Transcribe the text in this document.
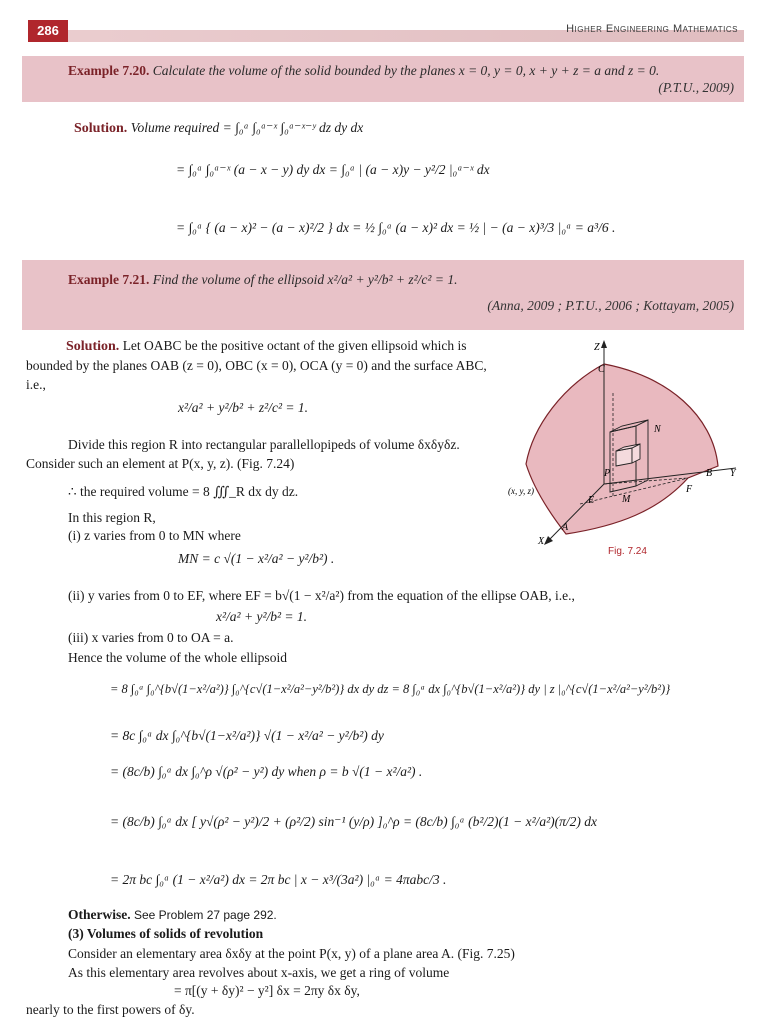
286	Higher Engineering Mathematics
Example 7.20. Calculate the volume of the solid bounded by the planes x = 0, y = 0, x + y + z = a and z = 0.
(P.T.U., 2009)
Solution. Volume required = ∫₀ᵃ ∫₀ᵃ⁻ˣ ∫₀ᵃ⁻ˣ⁻ʸ dz dy dx
= ∫₀ᵃ ∫₀ᵃ⁻ˣ (a − x − y) dy dx = ∫₀ᵃ | (a − x)y − y²/2 |₀ᵃ⁻ˣ dx
= ∫₀ᵃ { (a − x)² − (a − x)²/2 } dx = ½ ∫₀ᵃ (a − x)² dx = ½ | − (a − x)³/3 |₀ᵃ = a³/6 .
Example 7.21. Find the volume of the ellipsoid x²/a² + y²/b² + z²/c² = 1.
(Anna, 2009 ; P.T.U., 2006 ; Kottayam, 2005)
Solution. Let OABC be the positive octant of the given ellipsoid which is bounded by the planes OAB (z = 0), OBC (x = 0), OCA (y = 0) and the surface ABC, i.e.,
x²/a² + y²/b² + z²/c² = 1.
Divide this region R into rectangular parallellopipeds of volume δxδyδz. Consider such an element at P(x, y, z). (Fig. 7.24)
∴ the required volume = 8 ∭_R dx dy dz.
In this region R,
(i) z varies from 0 to MN where
MN = c √(1 − x²/a² − y²/b²) .
(ii) y varies from 0 to EF, where EF = b√(1 − x²/a²) from the equation of the ellipse OAB, i.e.,
x²/a² + y²/b² = 1.
(iii) x varies from 0 to OA = a.
Hence the volume of the whole ellipsoid
= 8 ∫₀ᵃ ∫₀^{b√(1−x²/a²)} ∫₀^{c√(1−x²/a²−y²/b²)} dx dy dz = 8 ∫₀ᵃ dx ∫₀^{b√(1−x²/a²)} dy | z |₀^{c√(1−x²/a²−y²/b²)}
= 8c ∫₀ᵃ dx ∫₀^{b√(1−x²/a²)} √(1 − x²/a² − y²/b²) dy
= (8c/b) ∫₀ᵃ dx ∫₀^ρ √(ρ² − y²) dy when ρ = b √(1 − x²/a²) .
= (8c/b) ∫₀ᵃ dx [ y√(ρ² − y²)/2 + (ρ²/2) sin⁻¹ (y/ρ) ]₀^ρ = (8c/b) ∫₀ᵃ (b²/2)(1 − x²/a²)(π/2) dx
= 2π bc ∫₀ᵃ (1 − x²/a²) dx = 2π bc | x − x³/(3a²) |₀ᵃ = 4πabc/3 .
Otherwise. See Problem 27 page 292.
(3) Volumes of solids of revolution
Consider an elementary area δxδy at the point P(x, y) of a plane area A. (Fig. 7.25)
As this elementary area revolves about x-axis, we get a ring of volume
= π[(y + δy)² − y²] δx = 2πy δx δy,
nearly to the first powers of δy.
Z
C
N
B Y
P
(x, y, z)
E	M
F
A
X
Fig. 7.24
